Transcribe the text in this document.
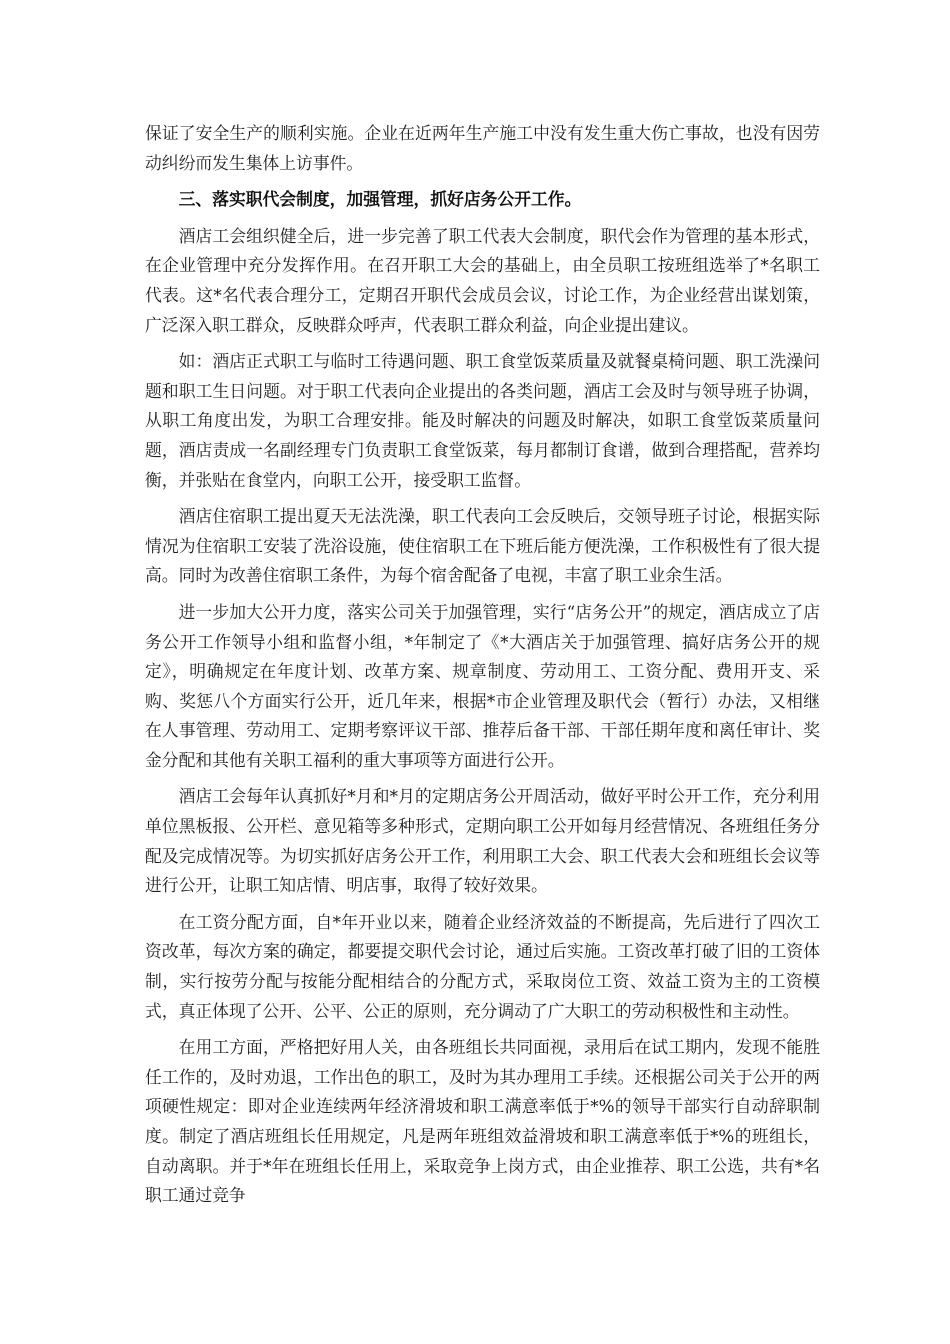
保证了安全生产的顺利实施。企业在近两年生产施工中没有发生重大伤亡事故，也没有因劳动纠纷而发生集体上访事件。

三、落实职代会制度，加强管理，抓好店务公开工作。

酒店工会组织健全后，进一步完善了职工代表大会制度，职代会作为管理的基本形式，在企业管理中充分发挥作用。在召开职工大会的基础上，由全员职工按班组选举了*名职工代表。这*名代表合理分工，定期召开职代会成员会议，讨论工作，为企业经营出谋划策，广泛深入职工群众，反映群众呼声，代表职工群众利益，向企业提出建议。

如：酒店正式职工与临时工待遇问题、职工食堂饭菜质量及就餐桌椅问题、职工洗澡问题和职工生日问题。对于职工代表向企业提出的各类问题，酒店工会及时与领导班子协调，从职工角度出发，为职工合理安排。能及时解决的问题及时解决，如职工食堂饭菜质量问题，酒店责成一名副经理专门负责职工食堂饭菜，每月都制订食谱，做到合理搭配，营养均衡，并张贴在食堂内，向职工公开，接受职工监督。

酒店住宿职工提出夏天无法洗澡，职工代表向工会反映后，交领导班子讨论，根据实际情况为住宿职工安装了洗浴设施，使住宿职工在下班后能方便洗澡，工作积极性有了很大提高。同时为改善住宿职工条件，为每个宿舍配备了电视，丰富了职工业余生活。

进一步加大公开力度，落实公司关于加强管理，实行“店务公开”的规定，酒店成立了店务公开工作领导小组和监督小组，*年制定了《*大酒店关于加强管理、搞好店务公开的规定》，明确规定在年度计划、改革方案、规章制度、劳动用工、工资分配、费用开支、采购、奖惩八个方面实行公开，近几年来，根据*市企业管理及职代会（暂行）办法，又相继在人事管理、劳动用工、定期考察评议干部、推荐后备干部、干部任期年度和离任审计、奖金分配和其他有关职工福利的重大事项等方面进行公开。

酒店工会每年认真抓好*月和*月的定期店务公开周活动，做好平时公开工作，充分利用单位黑板报、公开栏、意见箱等多种形式，定期向职工公开如每月经营情况、各班组任务分配及完成情况等。为切实抓好店务公开工作，利用职工大会、职工代表大会和班组长会议等进行公开，让职工知店情、明店事，取得了较好效果。

在工资分配方面，自*年开业以来，随着企业经济效益的不断提高，先后进行了四次工资改革，每次方案的确定，都要提交职代会讨论，通过后实施。工资改革打破了旧的工资体制，实行按劳分配与按能分配相结合的分配方式，采取岗位工资、效益工资为主的工资模式，真正体现了公开、公平、公正的原则，充分调动了广大职工的劳动积极性和主动性。

在用工方面，严格把好用人关，由各班组长共同面视，录用后在试工期内，发现不能胜任工作的，及时劝退，工作出色的职工，及时为其办理用工手续。还根据公司关于公开的两项硬性规定：即对企业连续两年经济滑坡和职工满意率低于*%的领导干部实行自动辞职制度。制定了酒店班组长任用规定，凡是两年班组效益滑坡和职工满意率低于*%的班组长，自动离职。并于*年在班组长任用上，采取竞争上岗方式，由企业推荐、职工公选，共有*名职工通过竞争
